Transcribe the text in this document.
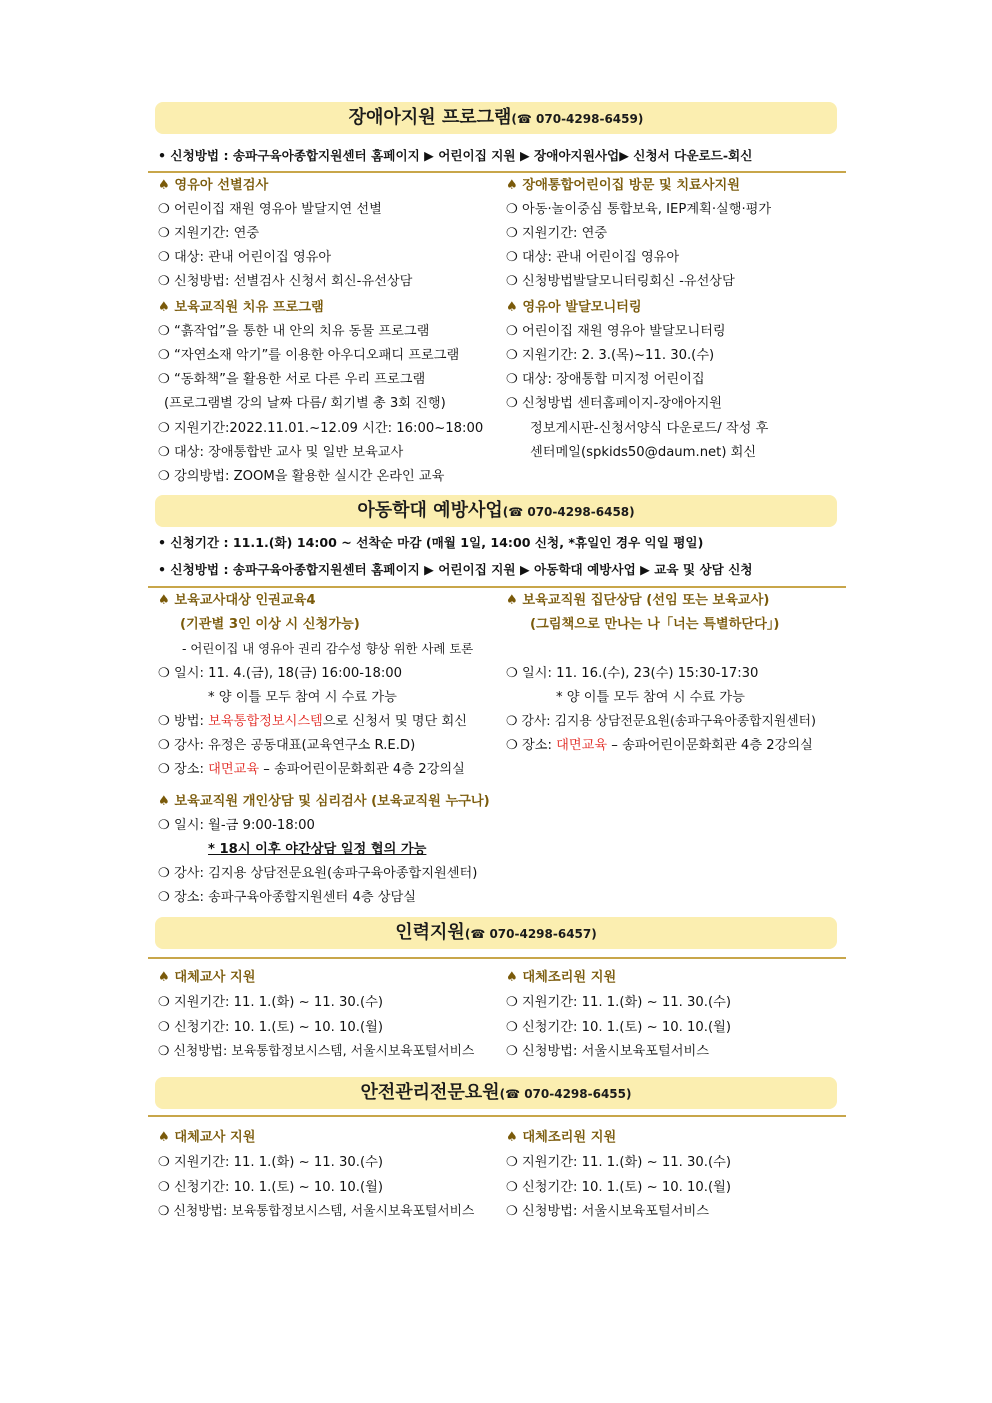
장애아지원 프로그램(☎ 070-4298-6459)
• 신청방법 : 송파구육아종합지원센터 홈페이지 ▶ 어린이집 지원 ▶ 장애아지원사업▶ 신청서 다운로드-회신
♠ 영유아 선별검사
❍ 어린이집 재원 영유아 발달지연 선별
❍ 지원기간: 연중
❍ 대상: 관내 어린이집 영유아
❍ 신청방법: 선별검사 신청서 회신-유선상담
♠ 보육교직원 치유 프로그램
❍ “흙작업”을 통한 내 안의 치유 동물 프로그램
❍ “자연소재 악기”를 이용한 아우디오패디 프로그램
❍ “동화책”을 활용한 서로 다른 우리 프로그램
(프로그램별 강의 날짜 다름/ 회기별 총 3회 진행)
❍ 지원기간:2022.11.01.~12.09 시간: 16:00~18:00
❍ 대상: 장애통합반 교사 및 일반 보육교사
❍ 강의방법: ZOOM을 활용한 실시간 온라인 교육
♠ 장애통합어린이집 방문 및 치료사지원
❍ 아동·놀이중심 통합보육, IEP계획·실행·평가
❍ 지원기간: 연중
❍ 대상: 관내 어린이집 영유아
❍ 신청방법발달모니터링회신 -유선상담
♠ 영유아 발달모니터링
❍ 어린이집 재원 영유아 발달모니터링
❍ 지원기간: 2. 3.(목)~11. 30.(수)
❍ 대상: 장애통합 미지정 어린이집
❍ 신청방법 센터홈페이지-장애아지원
정보게시판-신청서양식 다운로드/ 작성 후
센터메일(spkids50@daum.net) 회신
아동학대 예방사업(☎ 070-4298-6458)
• 신청기간 : 11.1.(화) 14:00 ~ 선착순 마감 (매월 1일, 14:00 신청, *휴일인 경우 익일 평일)
• 신청방법 : 송파구육아종합지원센터 홈페이지 ▶ 어린이집 지원 ▶ 아동학대 예방사업 ▶ 교육 및 상담 신청
♠ 보육교사대상 인권교육4
(기관별 3인 이상 시 신청가능)
- 어린이집 내 영유아 권리 감수성 향상 위한 사례 토론
❍ 일시: 11. 4.(금), 18(금) 16:00-18:00
* 양 이틀 모두 참여 시 수료 가능
❍ 방법: 보육통합정보시스템으로 신청서 및 명단 회신
❍ 강사: 유정은 공동대표(교육연구소 R.E.D)
❍ 장소: 대면교육 – 송파어린이문화회관 4층 2강의실
♠ 보육교직원 집단상담 (선임 또는 보육교사)
(그림책으로 만나는 나「너는 특별하단다」)
❍ 일시: 11. 16.(수), 23(수) 15:30-17:30
* 양 이틀 모두 참여 시 수료 가능
❍ 강사: 김지용 상담전문요원(송파구육아종합지원센터)
❍ 장소: 대면교육 – 송파어린이문화회관 4층 2강의실
♠ 보육교직원 개인상담 및 심리검사 (보육교직원 누구나)
❍ 일시: 월-금 9:00-18:00
* 18시 이후 야간상담 일정 협의 가능
❍ 강사: 김지용 상담전문요원(송파구육아종합지원센터)
❍ 장소: 송파구육아종합지원센터 4층 상담실
인력지원(☎ 070-4298-6457)
♠ 대체교사 지원
❍ 지원기간: 11. 1.(화) ~ 11. 30.(수)
❍ 신청기간: 10. 1.(토) ~ 10. 10.(월)
❍ 신청방법: 보육통합정보시스템, 서울시보육포털서비스
♠ 대체조리원 지원
❍ 지원기간: 11. 1.(화) ~ 11. 30.(수)
❍ 신청기간: 10. 1.(토) ~ 10. 10.(월)
❍ 신청방법: 서울시보육포털서비스
안전관리전문요원(☎ 070-4298-6455)
♠ 대체교사 지원
❍ 지원기간: 11. 1.(화) ~ 11. 30.(수)
❍ 신청기간: 10. 1.(토) ~ 10. 10.(월)
❍ 신청방법: 보육통합정보시스템, 서울시보육포털서비스
♠ 대체조리원 지원
❍ 지원기간: 11. 1.(화) ~ 11. 30.(수)
❍ 신청기간: 10. 1.(토) ~ 10. 10.(월)
❍ 신청방법: 서울시보육포털서비스
